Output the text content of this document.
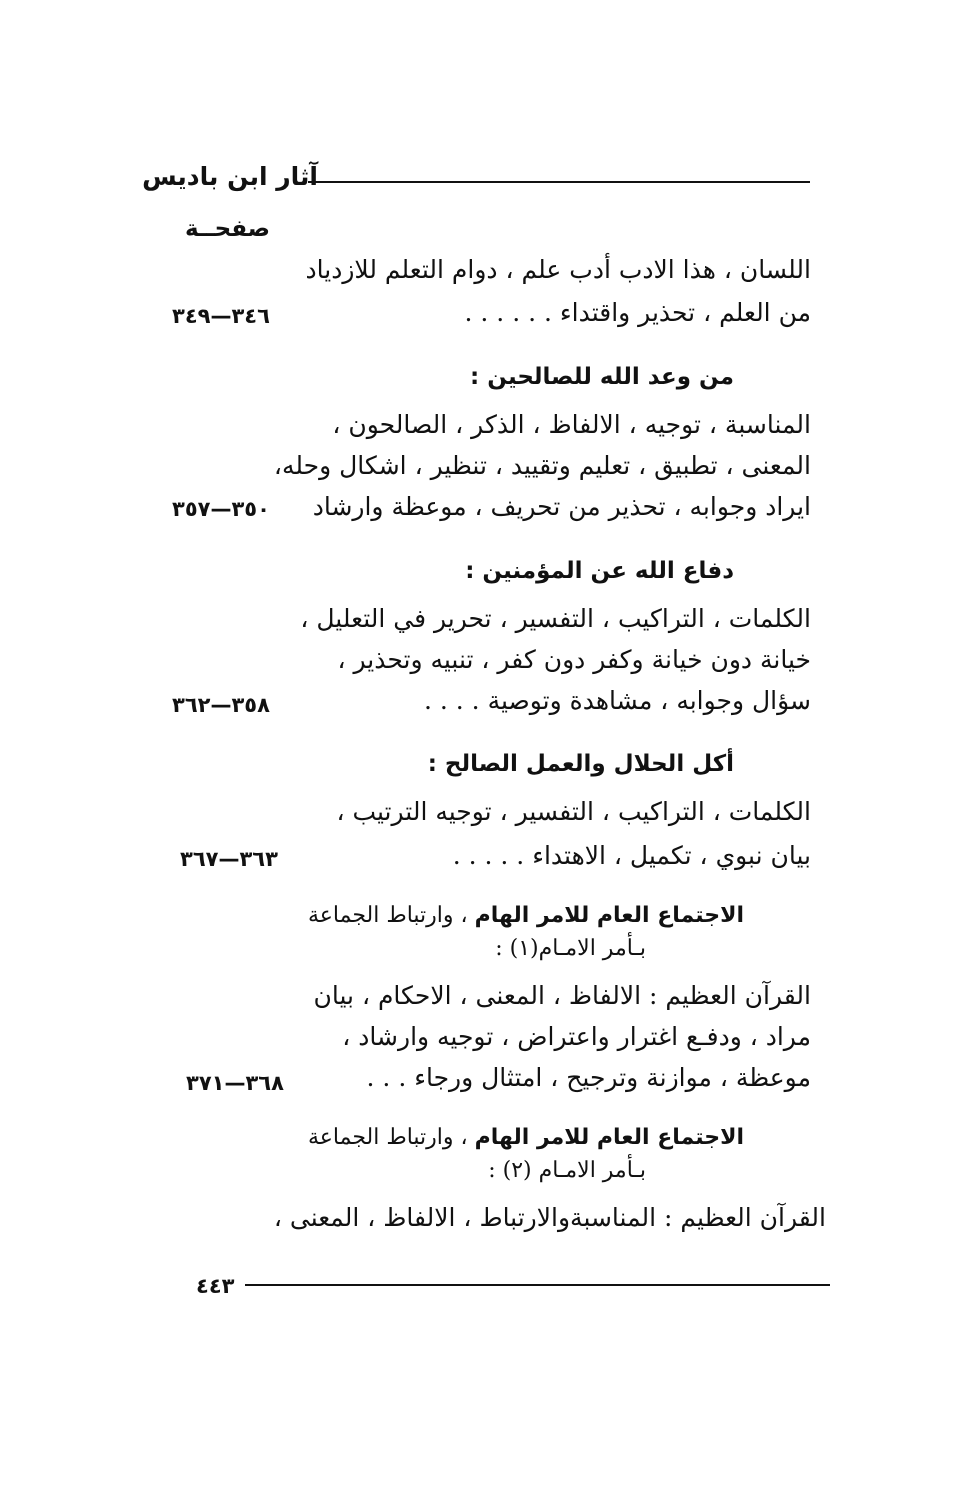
آثار ابن باديس
صفحــة
اللسان ، هذا الادب أدب علم ، دوام التعلم للازدياد
من العلم ، تحذير واقتداء . . . . . .
٣٤٦—٣٤٩
من وعد الله للصالحين :
المناسبة ، توجيه ، الالفاظ ، الذكر ، الصالحون ،
المعنى ، تطبيق ، تعليم وتقييد ، تنظير ، اشكال وحله،
ايراد وجوابه ، تحذير من تحريف ، موعظة وارشاد
٣٥٠—٣٥٧
دفاع الله عن المؤمنين :
الكلمات ، التراكيب ، التفسير ، تحرير في التعليل ،
خيانة دون خيانة وكفر دون كفر ، تنبيه وتحذير ،
سؤال وجوابه ، مشاهدة وتوصية . . . .
٣٥٨—٣٦٢
أكل الحلال والعمل الصالح :
الكلمات ، التراكيب ، التفسير ، توجيه الترتيب ،
بيان نبوي ، تكميل ، الاهتداء . . . . .
٣٦٣—٣٦٧
الاجتماع العام للامر الهام ، وارتباط الجماعة
بـأمر الامـام(١) :
القرآن العظيم : الالفاظ ، المعنى ، الاحكام ، بيان
مراد ، ودفـع اغترار واعتراض ، توجيه وارشاد ،
موعظة ، موازنة وترجيح ، امتثال ورجاء . . .
٣٦٨—٣٧١
الاجتماع العام للامر الهام ، وارتباط الجماعة
بـأمر الامـام (٢) :
القرآن العظيم : المناسبةوالارتباط ، الالفاظ ، المعنى ،
٤٤٣
